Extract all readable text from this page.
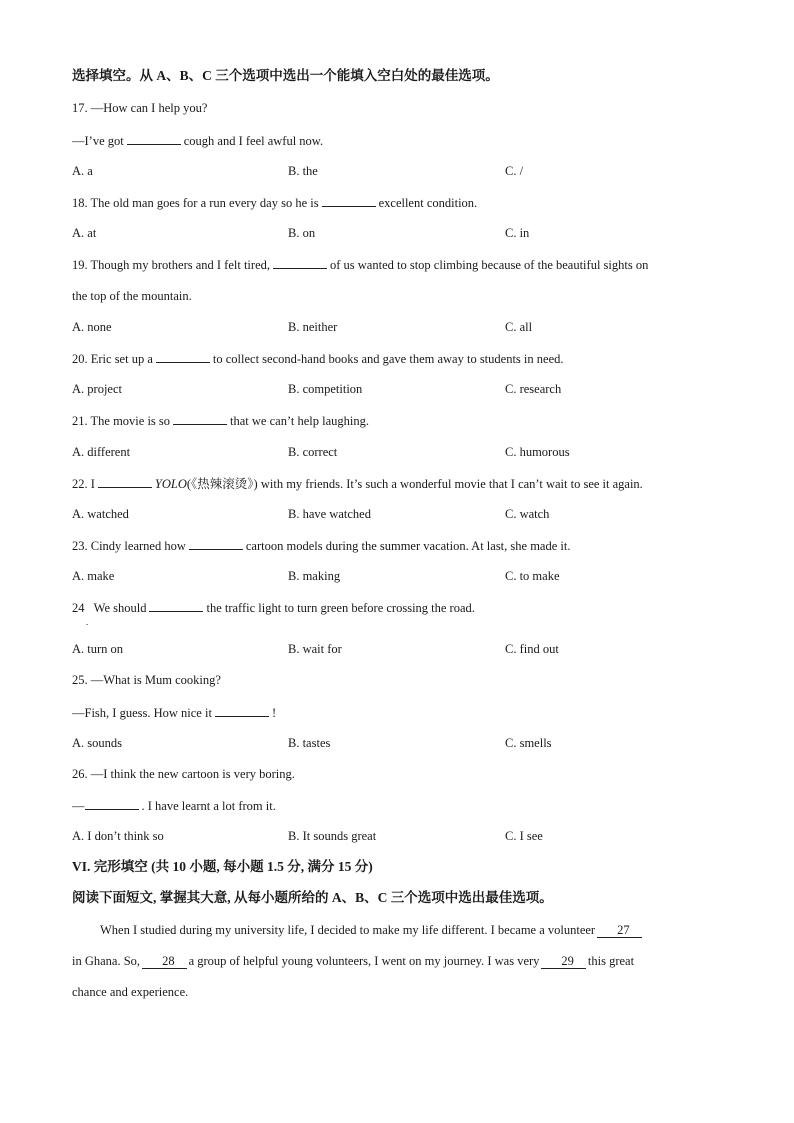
选择填空。从 A、B、C 三个选项中选出一个能填入空白处的最佳选项。
17. —How can I help you?
—I’ve got	cough and I feel awful now.
A. a	B. the	C. /
18. The old man goes for a run every day so he is	excellent condition.
A. at	B. on	C. in
19. Though my brothers and I felt tired,	of us wanted to stop climbing because of the beautiful sights on
the top of the mountain.
A. none	B. neither	C. all
20. Eric set up a	to collect second-hand books and gave them away to students in need.
A. project	B. competition	C. research
21. The movie is so	that we can’t help laughing.
A. different	B. correct	C. humorous
22. I	YOLO(《热辣滚烫》) with my friends. It’s such a wonderful movie that I can’t wait to see it again.
A. watched	B. have watched	C. watch
23. Cindy learned how	cartoon models during the summer vacation. At last, she made it.
A. make	B. making	C. to make
24   We should	the traffic light to turn green before crossing the road.
.
A. turn on	B. wait for	C. find out
25. —What is Mum cooking?
—Fish, I guess. How nice it	!
A. sounds	B. tastes	C. smells
26. —I think the new cartoon is very boring.
—	. I have learnt a lot from it.
A. I don’t think so	B. It sounds great	C. I see
VI. 完形填空 (共 10 小题, 每小题 1.5 分, 满分 15 分)
阅读下面短文, 掌握其大意, 从每小题所给的 A、B、C 三个选项中选出最佳选项。
When I studied during my university life, I decided to make my life different. I became a volunteer 27
in Ghana. So, 28 a group of helpful young volunteers, I went on my journey. I was very 29 this great
chance and experience.
